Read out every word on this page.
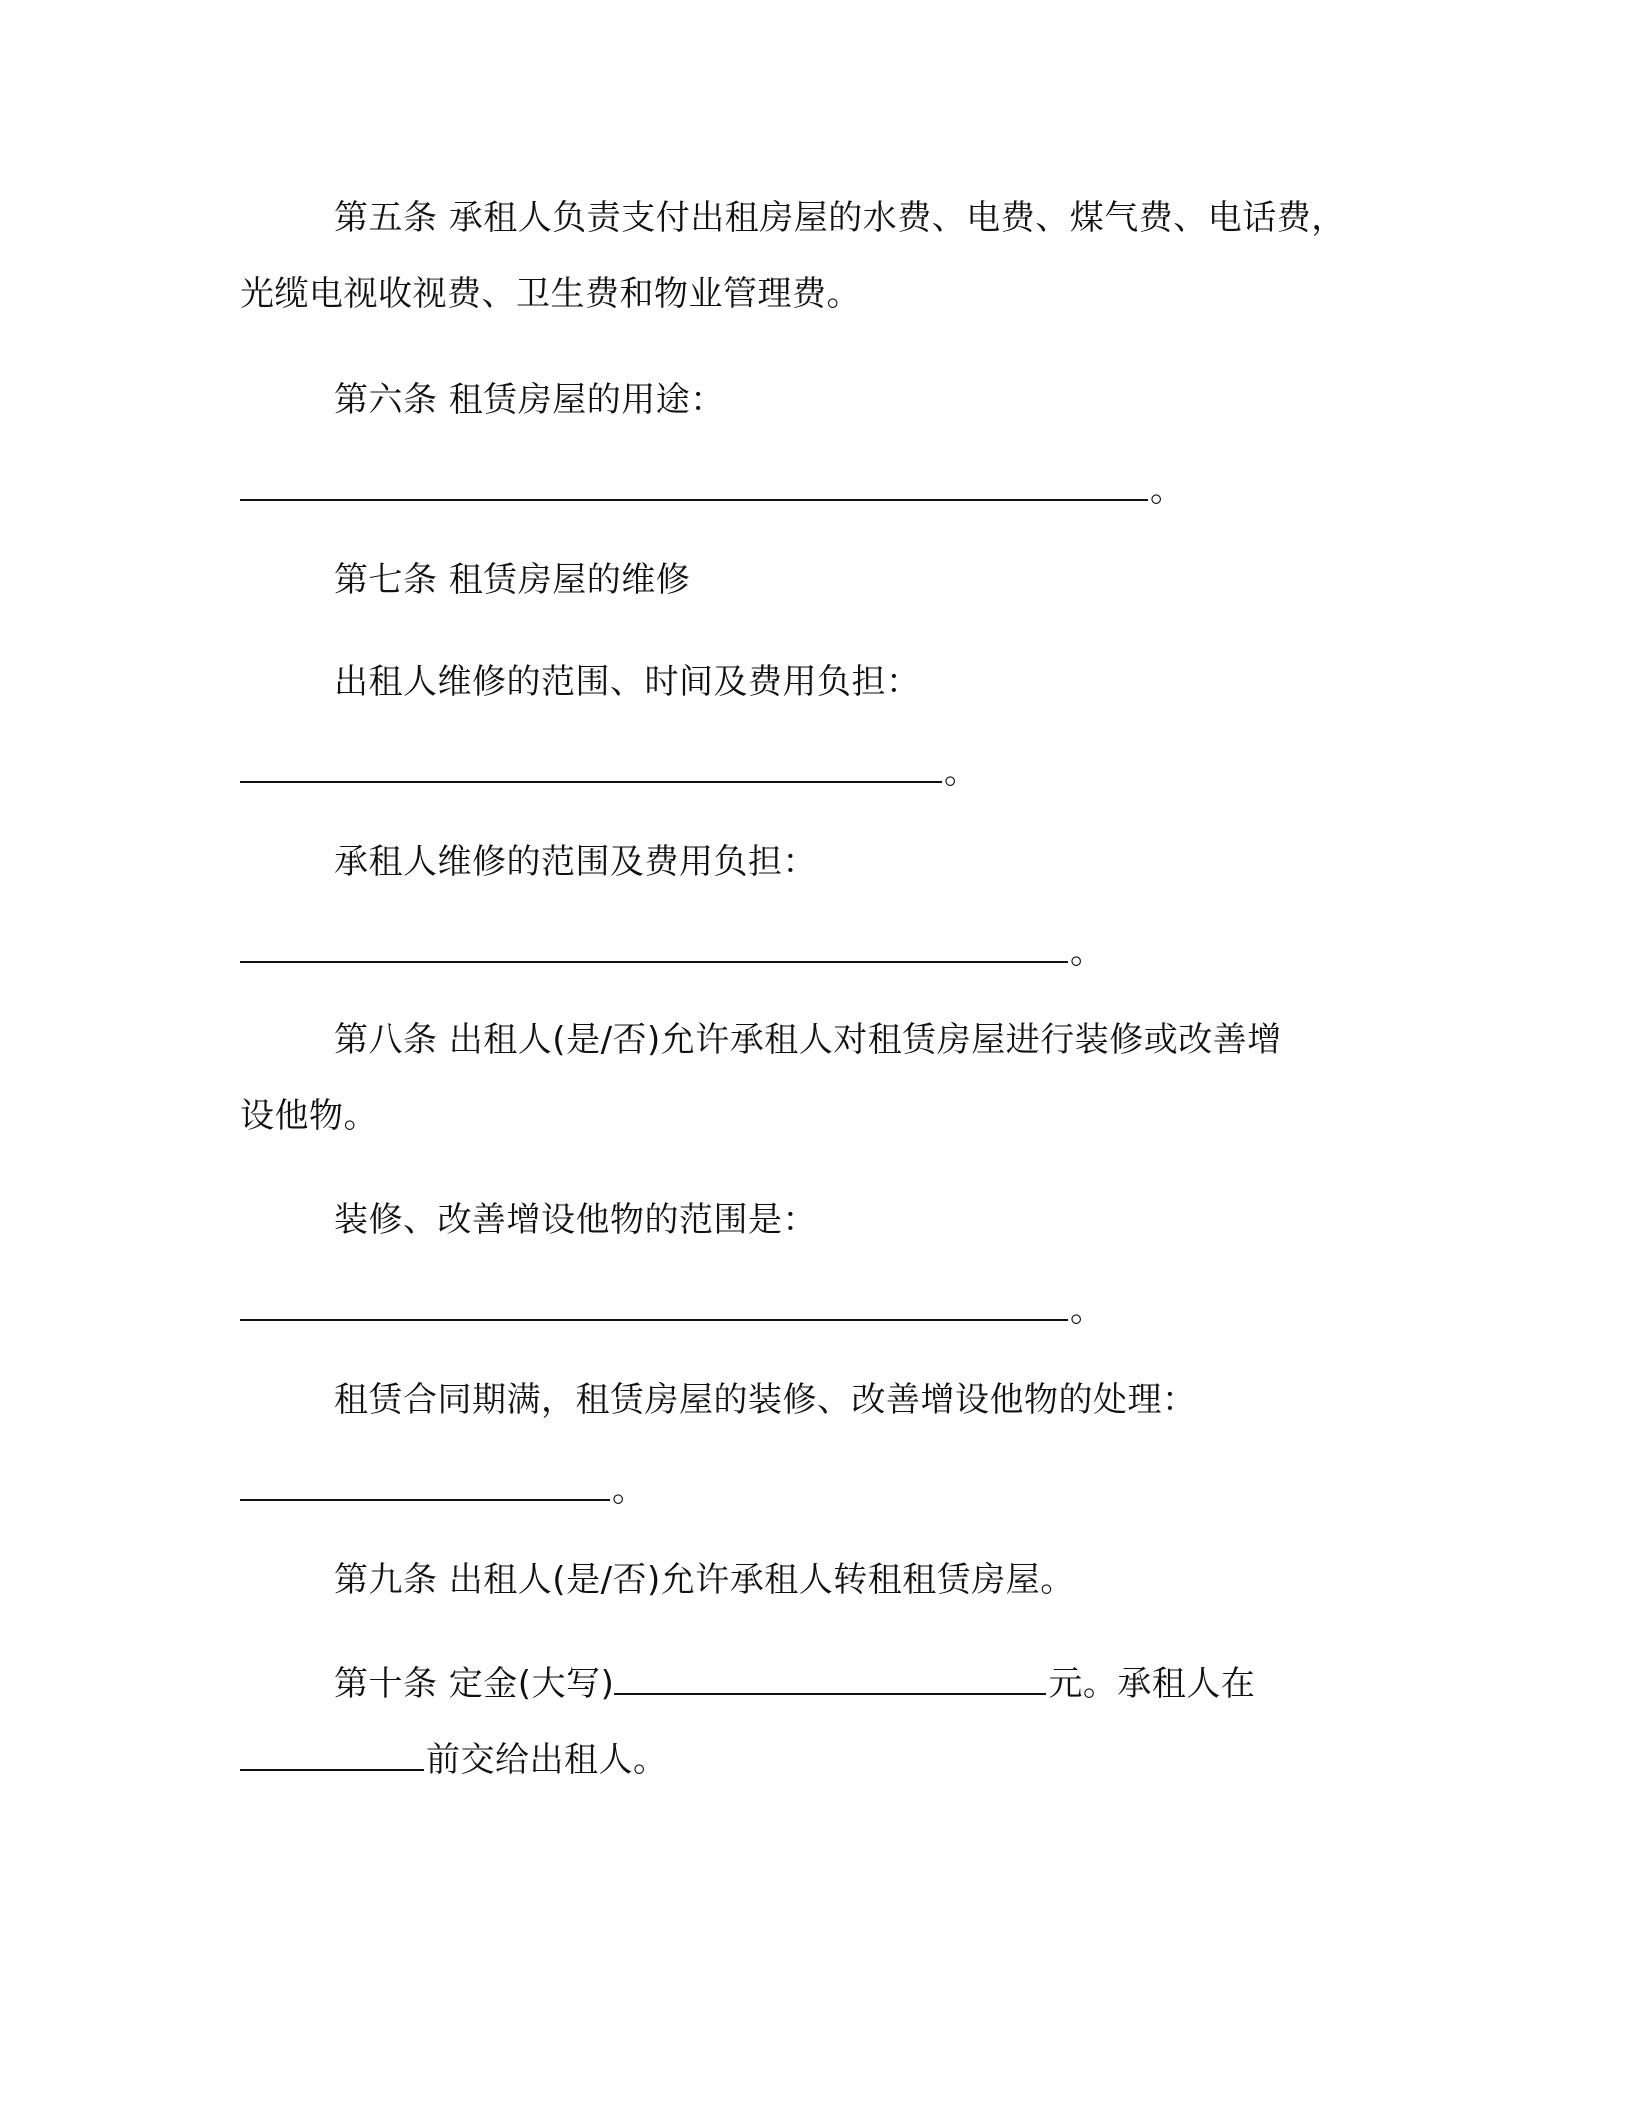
第五条 承租人负责支付出租房屋的水费、电费、煤气费、电话费，
光缆电视收视费、卫生费和物业管理费。
第六条 租赁房屋的用途：
。
第七条 租赁房屋的维修
出租人维修的范围、时间及费用负担：
。
承租人维修的范围及费用负担：
。
第八条 出租人(是/否)允许承租人对租赁房屋进行装修或改善增
设他物。
装修、改善增设他物的范围是：
。
租赁合同期满，租赁房屋的装修、改善增设他物的处理：
。
第九条 出租人(是/否)允许承租人转租租赁房屋。
第十条 定金(大写)	元。承租人在
前交给出租人。
